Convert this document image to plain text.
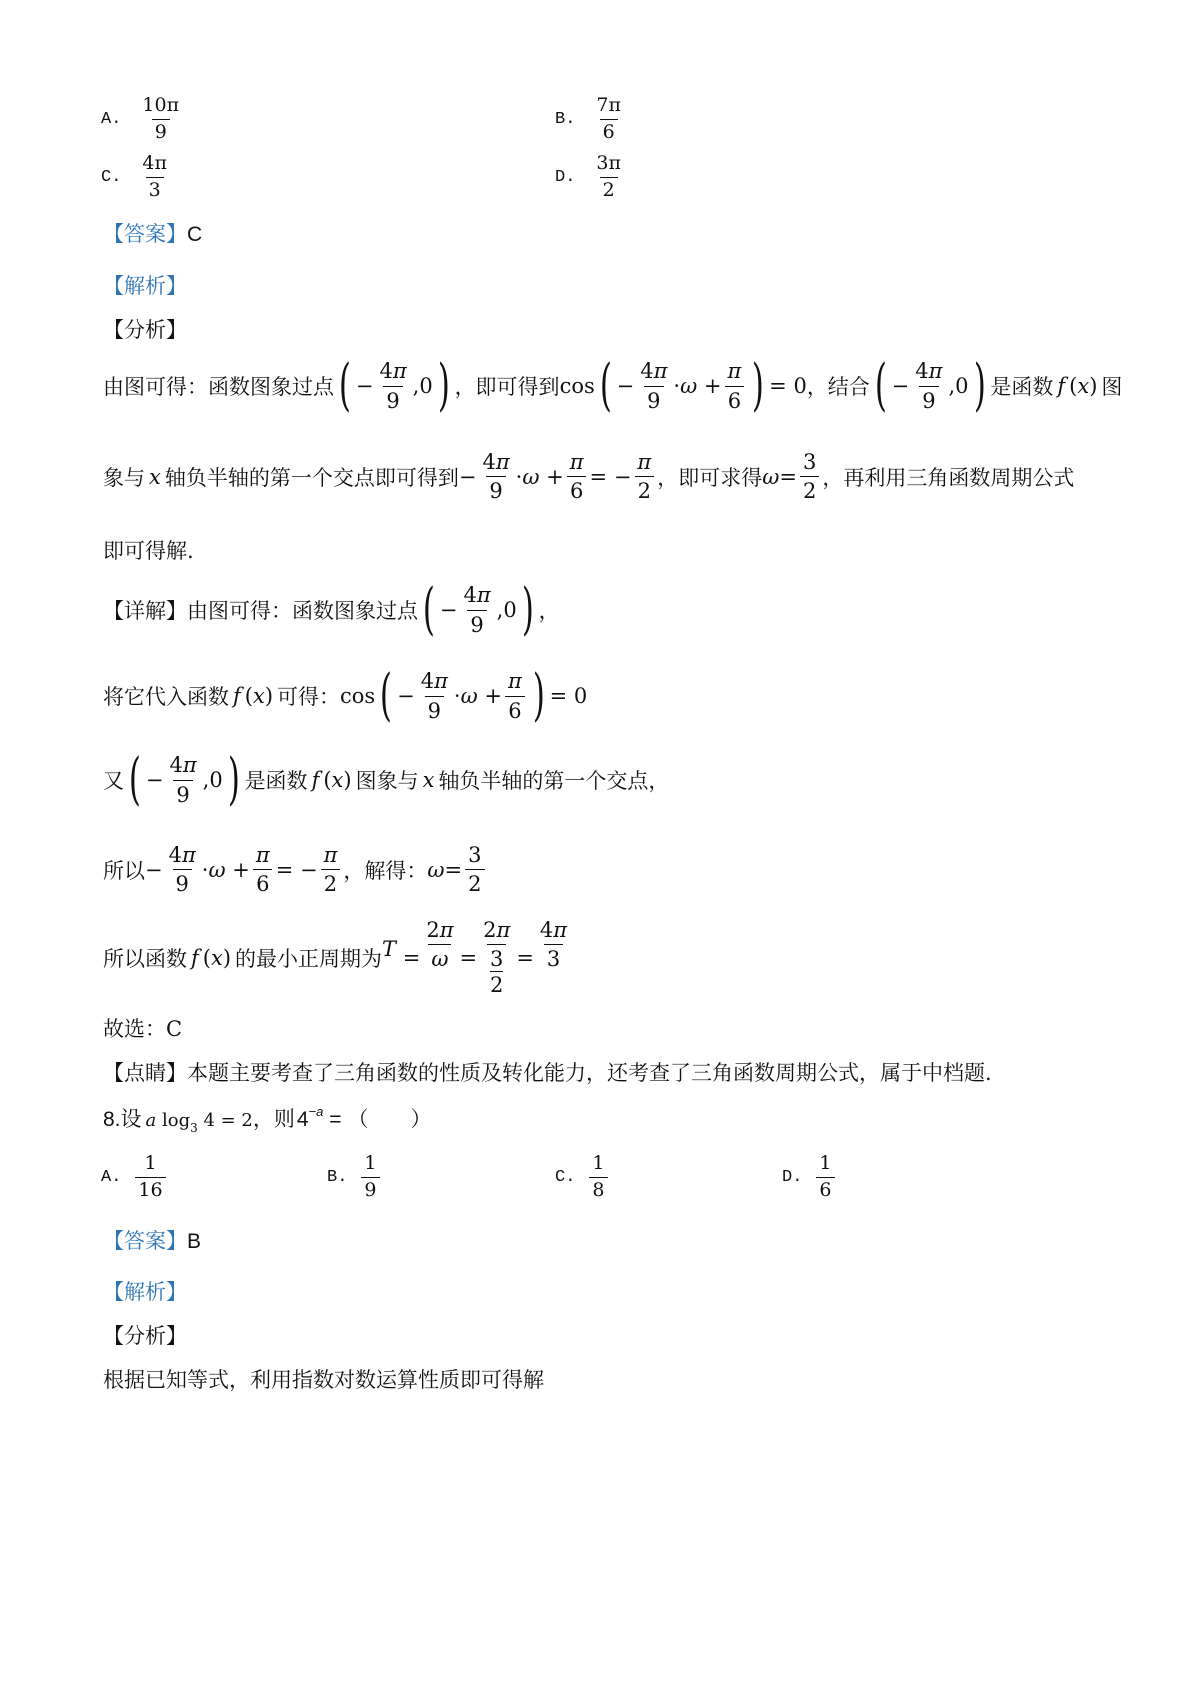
A. $\frac{10\pi}{9}$	B. $\frac{7\pi}{6}$
C. $\frac{4\pi}{3}$	D. $\frac{3\pi}{2}$
【答案】C
【解析】
【分析】
由图可得：函数图象过点 ( − $\frac{4\pi}{9} ,0$ ) ，即可得到 cos ( − $\frac{4\pi}{9} \cdot\omega + \frac{\pi}{6}$ ) = 0 ，结合 ( − $\frac{4\pi}{9} ,0$ ) 是函数 f (x) 图
象与 x 轴负半轴的第一个交点即可得到 − $\frac{4\pi}{9} \cdot\omega + \frac{\pi}{6}$ = − $\frac{\pi}{2}$ ，即可求得 $\omega = \frac{3}{2}$ ，再利用三角函数周期公式
即可得解.
【详解】 由图可得：函数图象过点 ( − $\frac{4\pi}{9} ,0$ ) ，
将它代入函数 f (x) 可得： cos ( − $\frac{4\pi}{9} \cdot\omega + \frac{\pi}{6}$ ) = 0
又 ( − $\frac{4\pi}{9} ,0$ ) 是函数 f (x) 图象与 x 轴负半轴的第一个交点，
所以 − $\frac{4\pi}{9} \cdot\omega + \frac{\pi}{6}$ = − $\frac{\pi}{2}$ ，解得： $\omega = \frac{3}{2}$
所以函数 f (x) 的最小正周期为 $T = \frac{2\pi}{\omega} = 2\pi$
3
$2 = \frac{4\pi}{3}$
故选：C
【点睛】本题主要考查了三角函数的性质及转化能力，还考查了三角函数周期公式，属于中档题.
8. 设 a $\log_3 4 = 2$ ，则 $4^{-a}$ = （　　）
A. $\frac{1}{16}$	B. $\frac{1}{9}$	C. $\frac{1}{8}$	D. $\frac{1}{6}$
【答案】B
【解析】
【分析】
根据已知等式，利用指数对数运算性质即可得解
